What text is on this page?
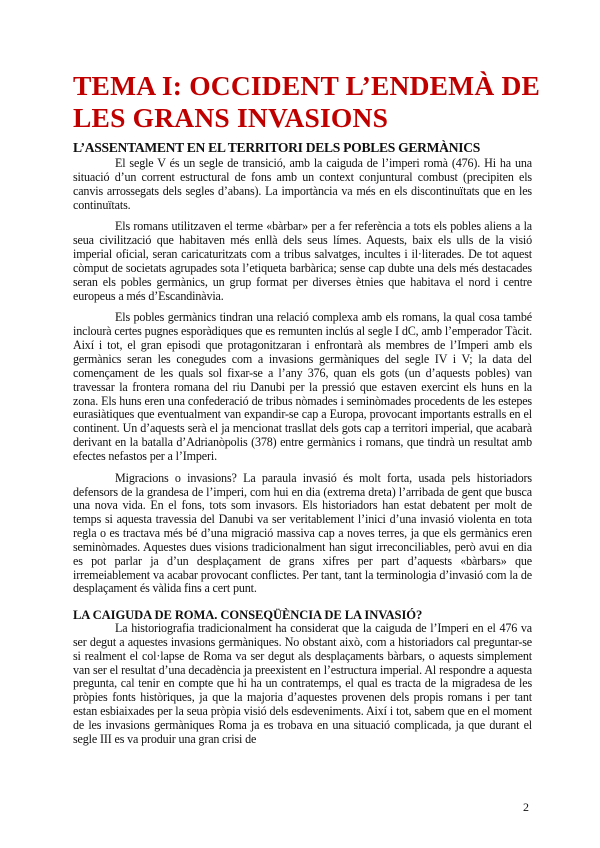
TEMA I: OCCIDENT L’ENDEMÀ DE LES GRANS INVASIONS
L’ASSENTAMENT EN EL TERRITORI DELS POBLES GERMÀNICS

El segle V és un segle de transició, amb la caiguda de l’imperi romà (476). Hi ha una situació d’un corrent estructural de fons amb un context conjuntural combust (precipiten els canvis arrossegats dels segles d’abans). La importància va més en els discontinuïtats que en les continuïtats.

Els romans utilitzaven el terme «bàrbar» per a fer referència a tots els pobles aliens a la seua civilització que habitaven més enllà dels seus límes. Aquests, baix els ulls de la visió imperial oficial, seran caricaturitzats com a tribus salvatges, incultes i il·literades. De tot aquest còmput de societats agrupades sota l’etiqueta barbàrica; sense cap dubte una dels més destacades seran els pobles germànics, un grup format per diverses ètnies que habitava el nord i centre europeus a més d’Escandinàvia.

Els pobles germànics tindran una relació complexa amb els romans, la qual cosa també inclourà certes pugnes esporàdiques que es remunten inclús al segle I dC, amb l’emperador Tàcit. Així i tot, el gran episodi que protagonitzaran i enfrontarà als membres de l’Imperi amb els germànics seran les conegudes com a invasions germàniques del segle IV i V; la data del començament de les quals sol fixar-se a l’any 376, quan els gots (un d’aquests pobles) van travessar la frontera romana del riu Danubi per la pressió que estaven exercint els huns en la zona. Els huns eren una confederació de tribus nòmades i seminòmades procedents de les estepes eurasiàtiques que eventualment van expandir-se cap a Europa, provocant importants estralls en el continent. Un d’aquests serà el ja mencionat trasllat dels gots cap a territori imperial, que acabarà derivant en la batalla d’Adrianòpolis (378) entre germànics i romans, que tindrà un resultat amb efectes nefastos per a l’Imperi.

Migracions o invasions? La paraula invasió és molt forta, usada pels historiadors defensors de la grandesa de l’imperi, com hui en dia (extrema dreta) l’arribada de gent que busca una nova vida. En el fons, tots som invasors. Els historiadors han estat debatent per molt de temps si aquesta travessia del Danubi va ser veritablement l’inici d’una invasió violenta en tota regla o es tractava més bé d’una migració massiva cap a noves terres, ja que els germànics eren seminòmades. Aquestes dues visions tradicionalment han sigut irreconciliables, però avui en dia es pot parlar ja d’un desplaçament de grans xifres per part d’aquests «bàrbars» que irremeiablement va acabar provocant conflictes. Per tant, tant la terminologia d’invasió com la de desplaçament és vàlida fins a cert punt.

LA CAIGUDA DE ROMA. CONSEQÜÈNCIA DE LA INVASIÓ?

La historiografia tradicionalment ha considerat que la caiguda de l’Imperi en el 476 va ser degut a aquestes invasions germàniques. No obstant això, com a historiadors cal preguntar-se si realment el col·lapse de Roma va ser degut als desplaçaments bàrbars, o aquests simplement van ser el resultat d’una decadència ja preexistent en l’estructura imperial. Al respondre a aquesta pregunta, cal tenir en compte que hi ha un contratemps, el qual es tracta de la migradesa de les pròpies fonts històriques, ja que la majoria d’aquestes provenen dels propis romans i per tant estan esbiaixades per la seua pròpia visió dels esdeveniments. Així i tot, sabem que en el moment de les invasions germàniques Roma ja es trobava en una situació complicada, ja que durant el segle III es va produir una gran crisi de

2
